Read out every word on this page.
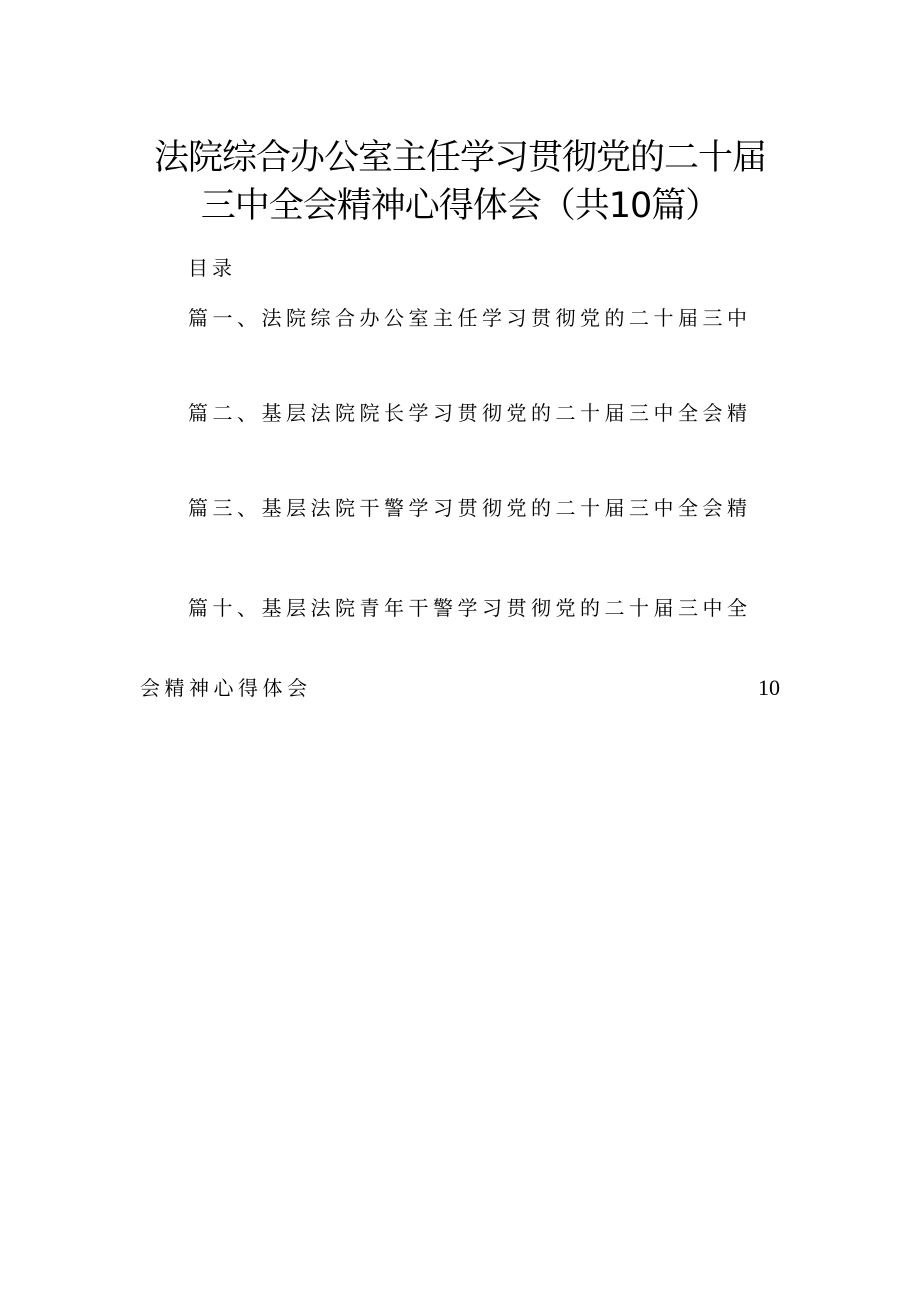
法院综合办公室主任学习贯彻党的二十届
三中全会精神心得体会（共10篇）
目录
篇一、法院综合办公室主任学习贯彻党的二十届三中
篇二、基层法院院长学习贯彻党的二十届三中全会精
篇三、基层法院干警学习贯彻党的二十届三中全会精
篇十、基层法院青年干警学习贯彻党的二十届三中全
会精神心得体会	10
